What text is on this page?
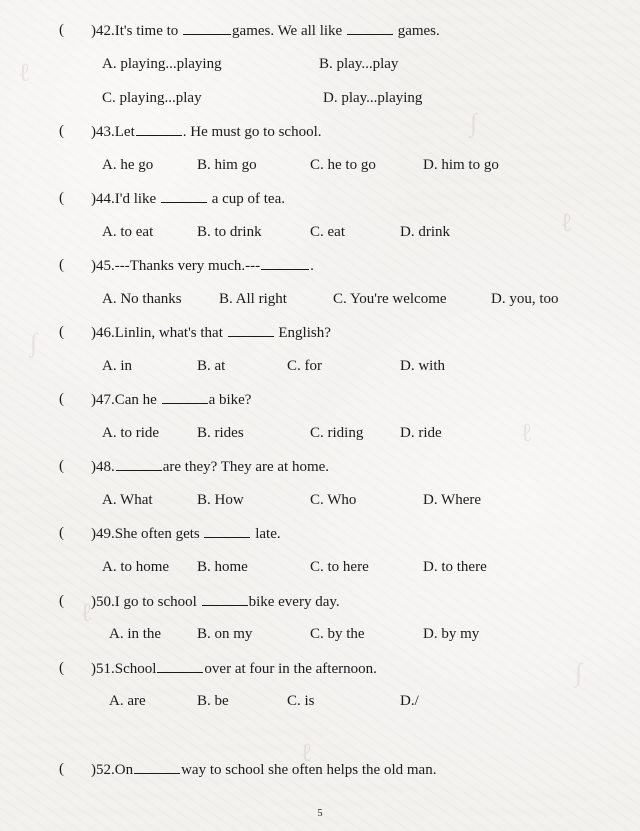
ℓ
∫
ℓ
∫
ℓ
ℓ
∫
ℓ
( )42.It's time to	games. We all like	games.
A. playing...playing	B. play...play
C. playing...play	D. play...playing
( )43.Let	. He must go to school.
A. he go	B. him go	C. he to go	D. him to go
( )44.I'd like	a cup of tea.
A. to eat	B. to drink	C. eat	D. drink
( )45.---Thanks very much.---	.
A. No thanks B. All right	C. You're welcome	D. you, too
( )46.Linlin, what's that	English?
A. in	B. at	C. for	D. with
( )47.Can he	a bike?
A. to ride	B. rides	C. riding D. ride
( )48.	are they? They are at home.
A. What	B. How	C. Who	D. Where
( )49.She often gets	late.
A. to home B. home	C. to here	D. to there
( )50.I go to school	bike every day.
A. in the B. on my	C. by the	D. by my
( )51.School	over at four in the afternoon.
A. are	B. be	C. is	D./
( )52.On	way to school she often helps the old man.
5
